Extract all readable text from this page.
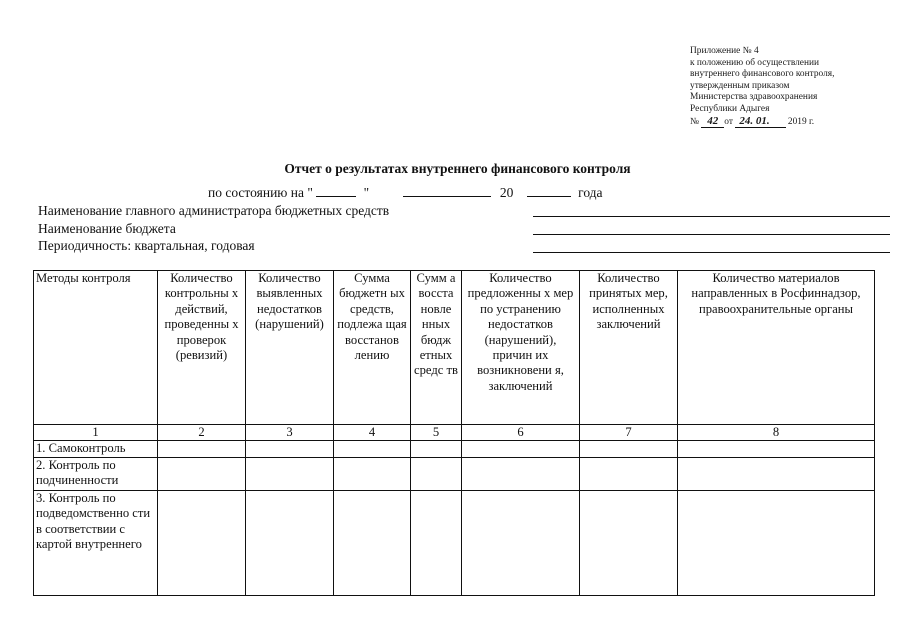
Приложение № 4
к положению об осуществлении
внутреннего финансового контроля,
утвержденным приказом
Министерства здравоохранения
Республики Адыгея
№ 42 от 24. 01. 2019 г.
Отчет о результатах внутреннего финансового контроля
по состоянию на "	"	20	года
Наименование главного администратора бюджетных средств
Наименование бюджета
Периодичность: квартальная, годовая
Методы контроля	Количество контрольны х действий, проведенны х проверок (ревизий)	Количество выявленных недостатков (нарушений)	Сумма бюджетн ых средств, подлежа щая восстанов лению	Сумм а восста новле нных бюдж етных средс тв	Количество предложенны х мер по устранению недостатков (нарушений), причин их возникновени я, заключений	Количество принятых мер, исполненных заключений	Количество материалов направленных в Росфиннадзор, правоохранительные органы
1	2	3	4	5	6	7	8
1. Самоконтроль							
2. Контроль по подчиненности							
3. Контроль по подведомственно сти в соответствии с картой внутреннего							
